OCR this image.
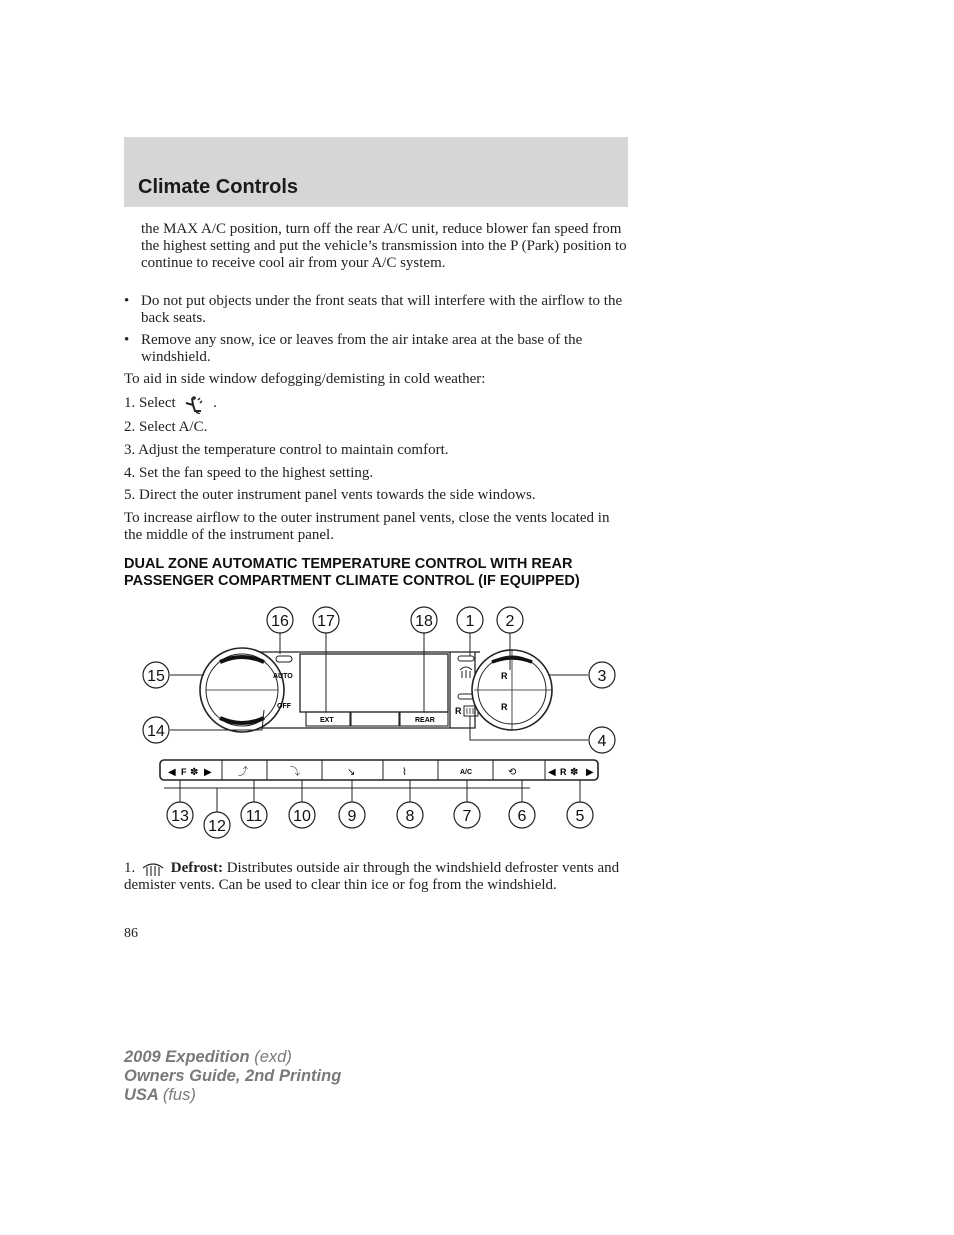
Climate Controls

the MAX A/C position, turn off the rear A/C unit, reduce blower fan speed from the highest setting and put the vehicle’s transmission into the P (Park) position to continue to receive cool air from your A/C system.

• Do not put objects under the front seats that will interfere with the airflow to the back seats.

• Remove any snow, ice or leaves from the air intake area at the base of the windshield.

To aid in side window defogging/demisting in cold weather:

1. Select	.

2. Select A/C.

3. Adjust the temperature control to maintain comfort.

4. Set the fan speed to the highest setting.

5. Direct the outer instrument panel vents towards the side windows.

To increase airflow to the outer instrument panel vents, close the vents located in the middle of the instrument panel.

DUAL ZONE AUTOMATIC TEMPERATURE CONTROL WITH REAR PASSENGER COMPARTMENT CLIMATE CONTROL (IF EQUIPPED)
EXT	REAR
AUTO
OFF	R
R
R
◀ F ✽ ▶	⤴	⤵	↘	⌇	A/C	⟲	◀ R ✽ ▶
16 17	18 1 2
15	3
14
4
13
12
11 10 9	8	7	6	5
1. Defrost: Distributes outside air through the windshield defroster vents and demister vents. Can be used to clear thin ice or fog from the windshield.
86
2009 Expedition (exd)
Owners Guide, 2nd Printing
USA (fus)
